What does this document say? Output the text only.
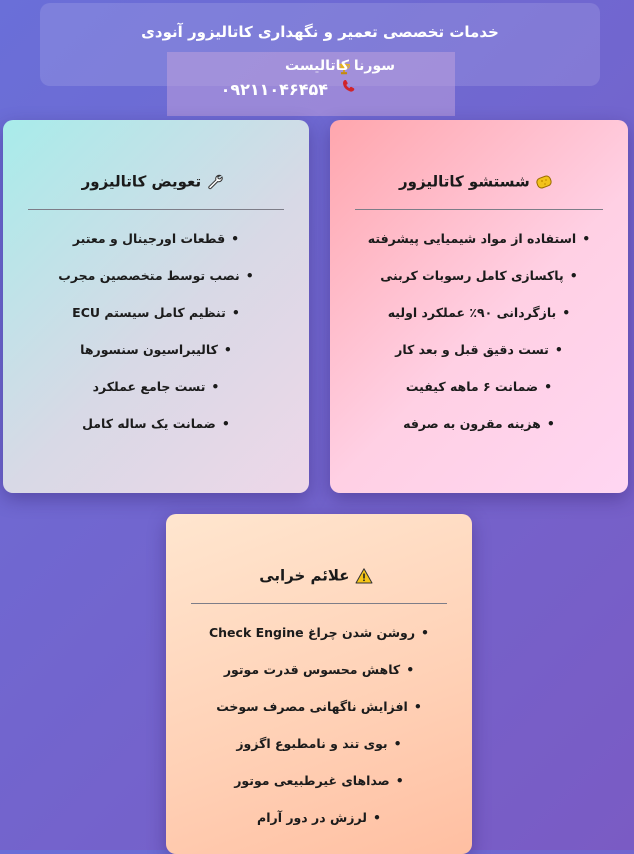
خدمات تخصصی تعمیر و نگهداری کاتالیزور آنودی
سورنا کاتالیست
۰۹۲۱۱۰۴۶۴۵۴
شستشو کاتالیزور
•استفاده از مواد شیمیایی پیشرفته
•پاکسازی کامل رسوبات کربنی
•بازگردانی ۹۰٪ عملکرد اولیه
•تست دقیق قبل و بعد کار
•ضمانت ۶ ماهه کیفیت
•هزینه مقرون به صرفه
تعویض کاتالیزور
•قطعات اورجینال و معتبر
•نصب توسط متخصصین مجرب
•تنظیم کامل سیستم ECU
•کالیبراسیون سنسورها
•تست جامع عملکرد
•ضمانت یک ساله کامل
علائم خرابی
•روشن شدن چراغ Check Engine
•کاهش محسوس قدرت موتور
•افزایش ناگهانی مصرف سوخت
•بوی تند و نامطبوع اگزوز
•صداهای غیرطبیعی موتور
•لرزش در دور آرام
